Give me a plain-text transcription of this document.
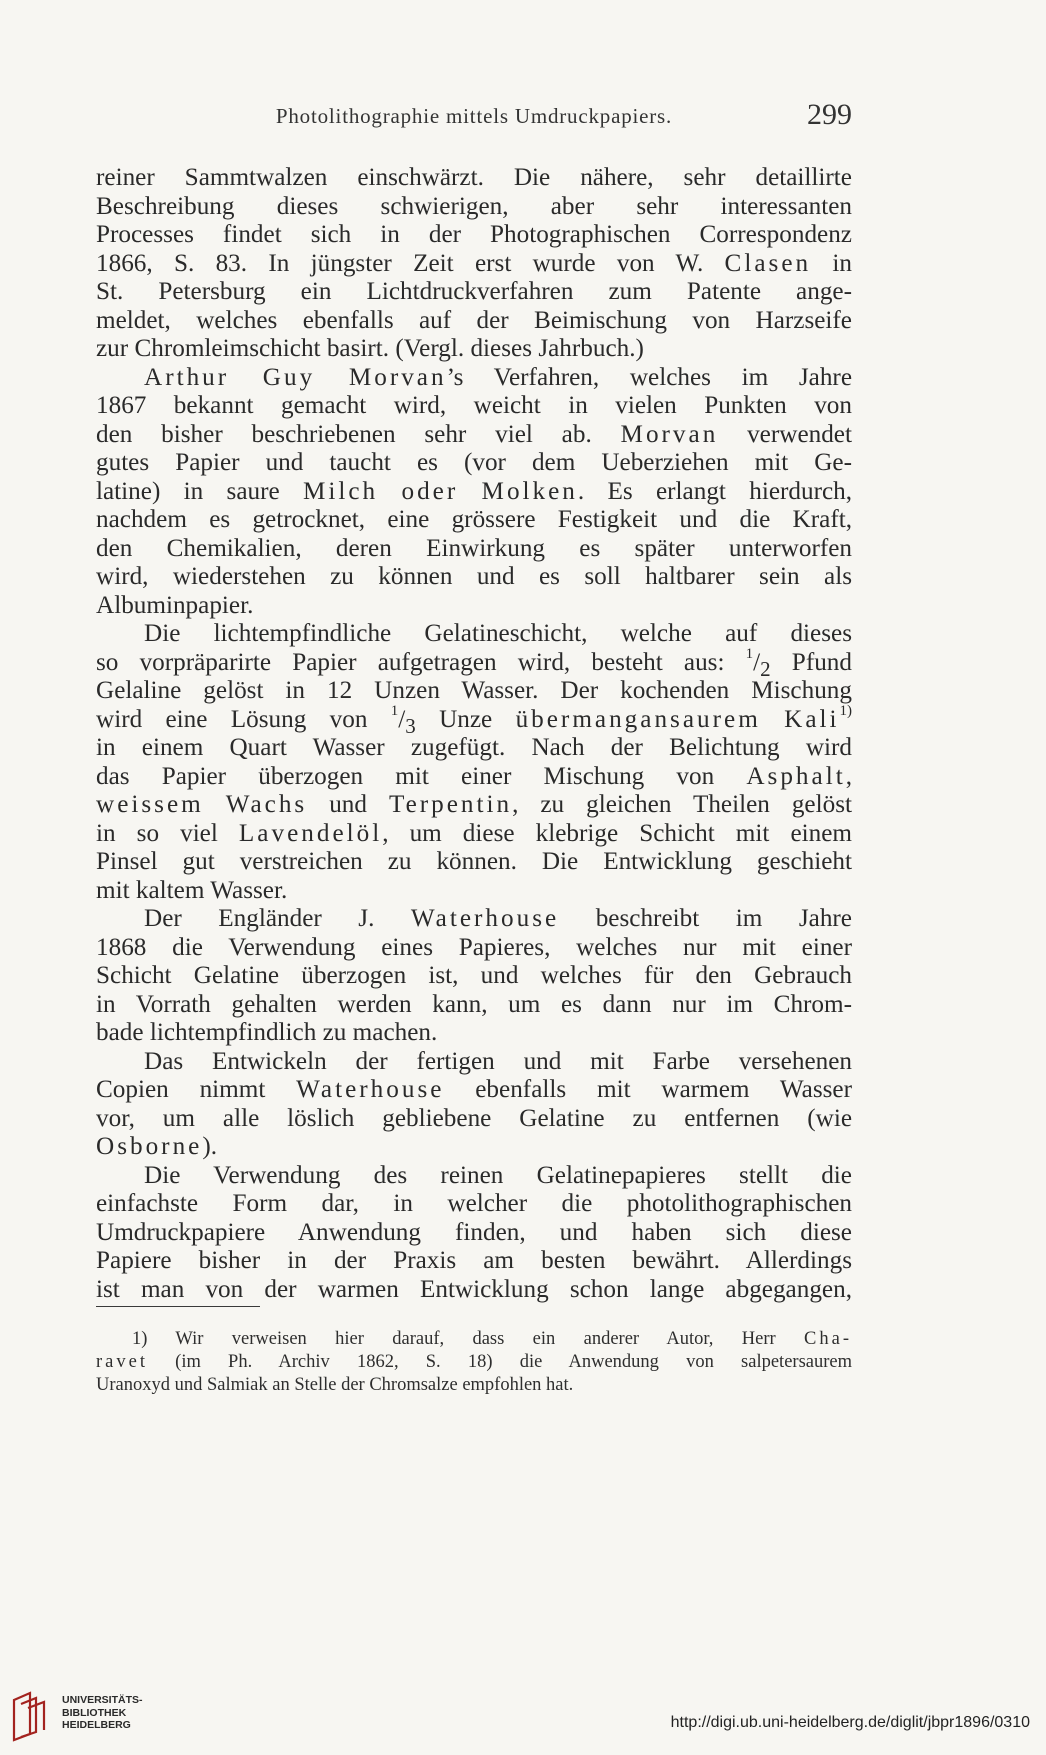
Photolithographie mittels Umdruckpapiers.	299
reiner Sammtwalzen einschwärzt. Die nähere, sehr detaillirte
Beschreibung dieses schwierigen, aber sehr interessanten
Processes findet sich in der Photographischen Correspondenz
1866, S. 83. In jüngster Zeit erst wurde von W. Clasen in
St. Petersburg ein Lichtdruckverfahren zum Patente ange-
meldet, welches ebenfalls auf der Beimischung von Harzseife
zur Chromleimschicht basirt. (Vergl. dieses Jahrbuch.)
Arthur Guy Morvan’s Verfahren, welches im Jahre
1867 bekannt gemacht wird, weicht in vielen Punkten von
den bisher beschriebenen sehr viel ab. Morvan verwendet
gutes Papier und taucht es (vor dem Ueberziehen mit Ge-
latine) in saure Milch oder Molken. Es erlangt hierdurch,
nachdem es getrocknet, eine grössere Festigkeit und die Kraft,
den Chemikalien, deren Einwirkung es später unterworfen
wird, wiederstehen zu können und es soll haltbarer sein als
Albuminpapier.
Die lichtempfindliche Gelatineschicht, welche auf dieses
so vorpräparirte Papier aufgetragen wird, besteht aus: $^1/_2$ Pfund
Gelaline gelöst in 12 Unzen Wasser. Der kochenden Mischung
wird eine Lösung von $^1/_3$ Unze übermangansaurem Kali$^{1)}$
in einem Quart Wasser zugefügt. Nach der Belichtung wird
das Papier überzogen mit einer Mischung von Asphalt,
weissem Wachs und Terpentin, zu gleichen Theilen gelöst
in so viel Lavendelöl, um diese klebrige Schicht mit einem
Pinsel gut verstreichen zu können. Die Entwicklung geschieht
mit kaltem Wasser.
Der Engländer J. Waterhouse beschreibt im Jahre
1868 die Verwendung eines Papieres, welches nur mit einer
Schicht Gelatine überzogen ist, und welches für den Gebrauch
in Vorrath gehalten werden kann, um es dann nur im Chrom-
bade lichtempfindlich zu machen.
Das Entwickeln der fertigen und mit Farbe versehenen
Copien nimmt Waterhouse ebenfalls mit warmem Wasser
vor, um alle löslich gebliebene Gelatine zu entfernen (wie
Osborne).
Die Verwendung des reinen Gelatinepapieres stellt die
einfachste Form dar, in welcher die photolithographischen
Umdruckpapiere Anwendung finden, und haben sich diese
Papiere bisher in der Praxis am besten bewährt. Allerdings
ist man von der warmen Entwicklung schon lange abgegangen,
1) Wir verweisen hier darauf, dass ein anderer Autor, Herr Cha-
ravet (im Ph. Archiv 1862, S. 18) die Anwendung von salpetersaurem
Uranoxyd und Salmiak an Stelle der Chromsalze empfohlen hat.
UNIVERSITÄTS-
BIBLIOTHEK
HEIDELBERG	http://digi.ub.uni-heidelberg.de/diglit/jbpr1896/0310
